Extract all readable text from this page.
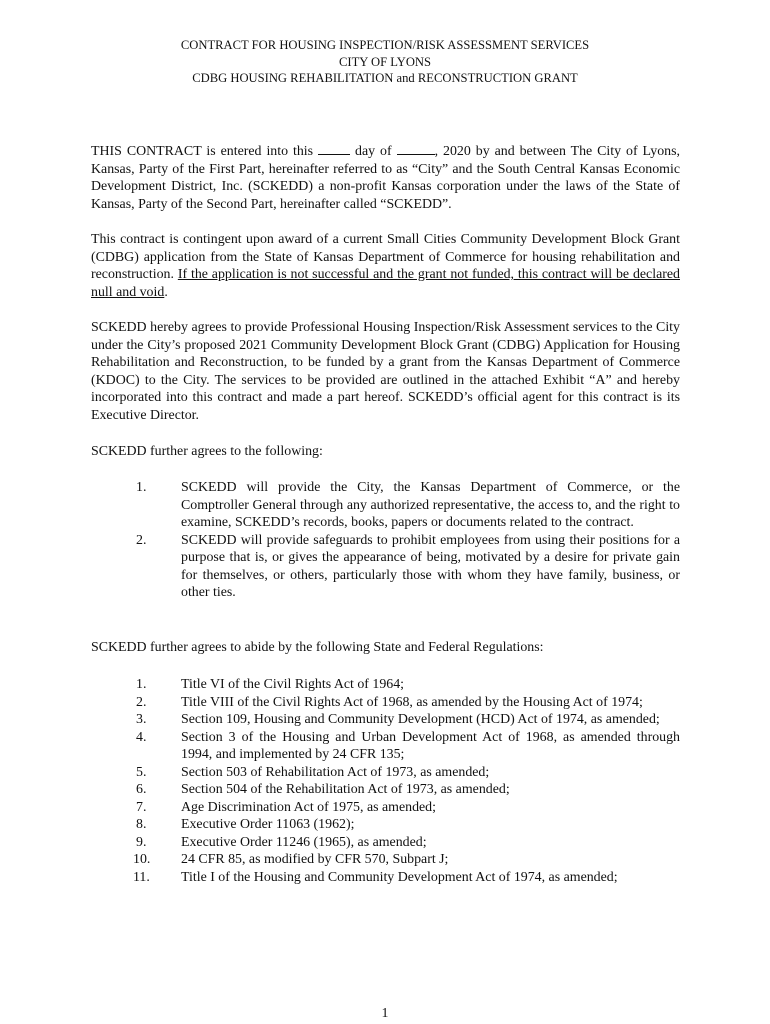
CONTRACT FOR HOUSING INSPECTION/RISK ASSESSMENT SERVICES
CITY OF LYONS
CDBG HOUSING REHABILITATION and RECONSTRUCTION GRANT

THIS CONTRACT is entered into this	day of	, 2020 by and between The City of Lyons, Kansas, Party of the First Part, hereinafter referred to as “City” and the South Central Kansas Economic Development District, Inc. (SCKEDD) a non-profit Kansas corporation under the laws of the State of Kansas, Party of the Second Part, hereinafter called “SCKEDD”.

This contract is contingent upon award of a current Small Cities Community Development Block Grant (CDBG) application from the State of Kansas Department of Commerce for housing rehabilitation and reconstruction. If the application is not successful and the grant not funded, this contract will be declared null and void.

SCKEDD hereby agrees to provide Professional Housing Inspection/Risk Assessment services to the City under the City’s proposed 2021 Community Development Block Grant (CDBG) Application for Housing Rehabilitation and Reconstruction, to be funded by a grant from the Kansas Department of Commerce (KDOC) to the City. The services to be provided are outlined in the attached Exhibit “A” and hereby incorporated into this contract and made a part hereof. SCKEDD’s official agent for this contract is its Executive Director.

SCKEDD further agrees to the following:

1. SCKEDD will provide the City, the Kansas Department of Commerce, or the Comptroller General through any authorized representative, the access to, and the right to examine, SCKEDD’s records, books, papers or documents related to the contract.
2. SCKEDD will provide safeguards to prohibit employees from using their positions for a purpose that is, or gives the appearance of being, motivated by a desire for private gain for themselves, or others, particularly those with whom they have family, business, or other ties.

SCKEDD further agrees to abide by the following State and Federal Regulations:

1. Title VI of the Civil Rights Act of 1964;
2. Title VIII of the Civil Rights Act of 1968, as amended by the Housing Act of 1974;
3. Section 109, Housing and Community Development (HCD) Act of 1974, as amended;
4. Section 3 of the Housing and Urban Development Act of 1968, as amended through 1994, and implemented by 24 CFR 135;
5. Section 503 of Rehabilitation Act of 1973, as amended;
6. Section 504 of the Rehabilitation Act of 1973, as amended;
7. Age Discrimination Act of 1975, as amended;
8. Executive Order 11063 (1962);
9. Executive Order 11246 (1965), as amended;
10. 24 CFR 85, as modified by CFR 570, Subpart J;
11. Title I of the Housing and Community Development Act of 1974, as amended;
1
